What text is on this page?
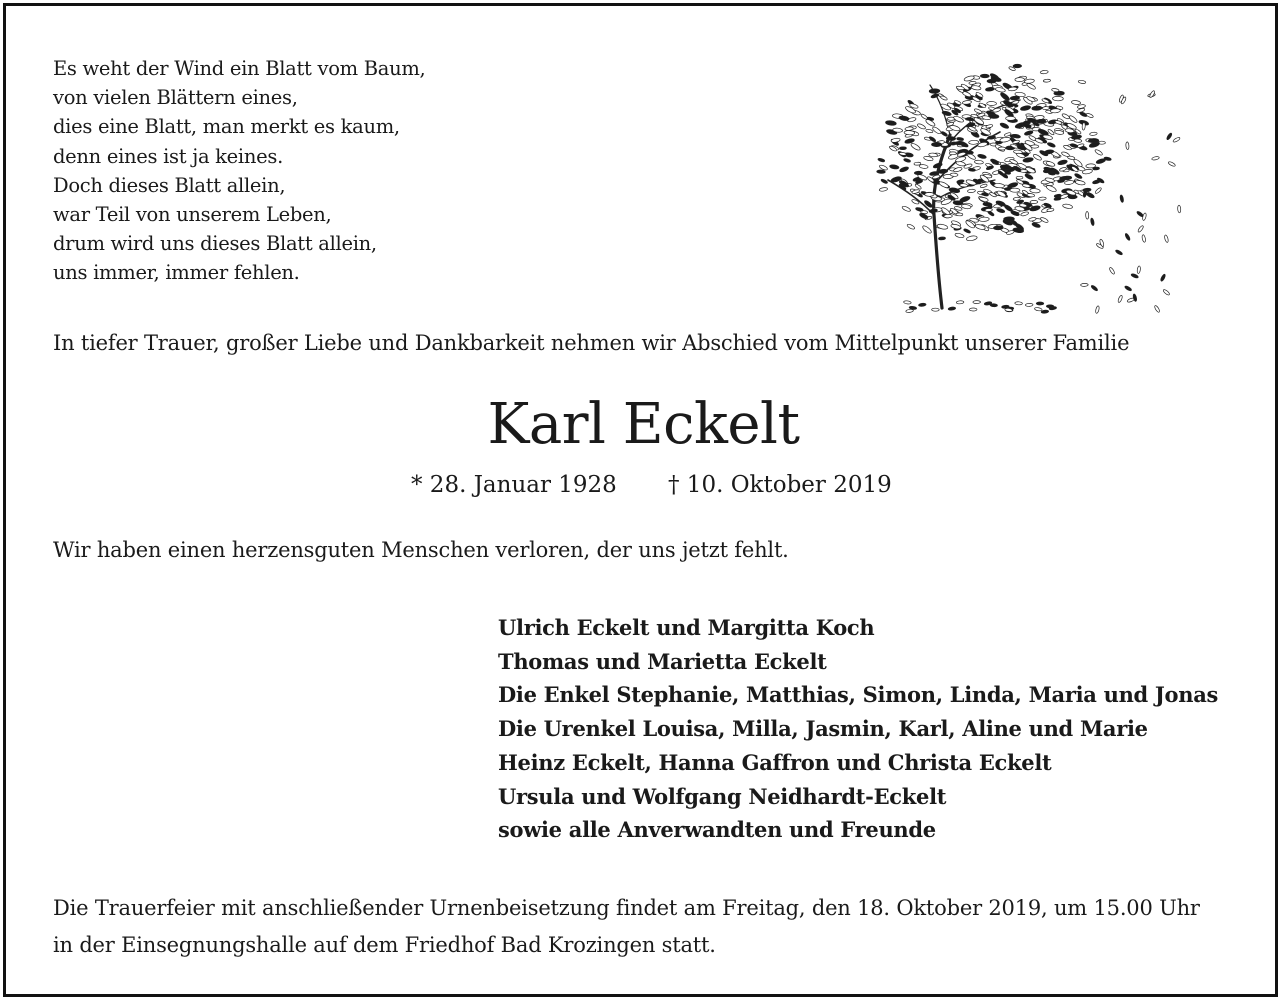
Es weht der Wind ein Blatt vom Baum,
von vielen Blättern eines,
dies eine Blatt, man merkt es kaum,
denn eines ist ja keines.
Doch dieses Blatt allein,
war Teil von unserem Leben,
drum wird uns dieses Blatt allein,
uns immer, immer fehlen.
In tiefer Trauer, großer Liebe und Dankbarkeit nehmen wir Abschied vom Mittelpunkt unserer Familie
Karl Eckelt
* 28. Januar 1928 † 10. Oktober 2019
Wir haben einen herzensguten Menschen verloren, der uns jetzt fehlt.
Ulrich Eckelt und Margitta Koch
Thomas und Marietta Eckelt
Die Enkel Stephanie, Matthias, Simon, Linda, Maria und Jonas
Die Urenkel Louisa, Milla, Jasmin, Karl, Aline und Marie
Heinz Eckelt, Hanna Gaffron und Christa Eckelt
Ursula und Wolfgang Neidhardt-Eckelt
sowie alle Anverwandten und Freunde
Die Trauerfeier mit anschließender Urnenbeisetzung findet am Freitag, den 18. Oktober 2019, um 15.00 Uhr
in der Einsegnungshalle auf dem Friedhof Bad Krozingen statt.
